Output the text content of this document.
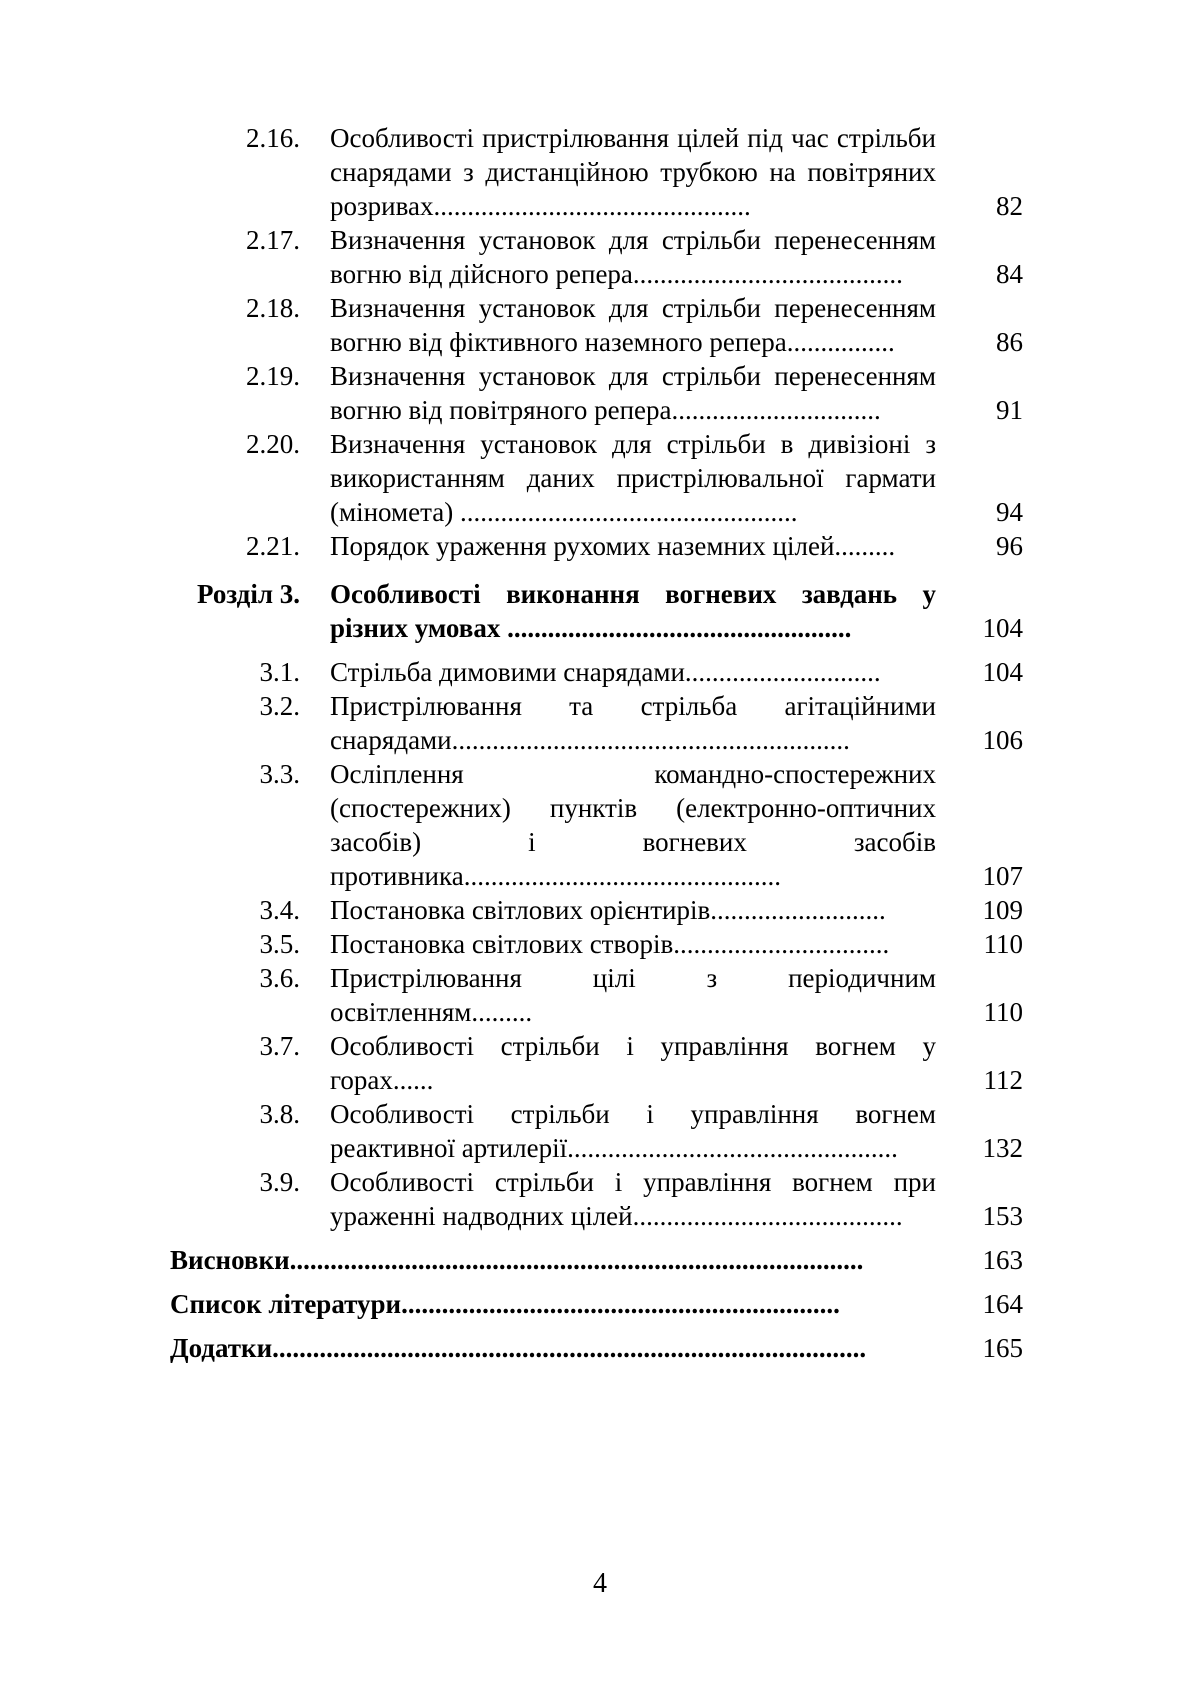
2.16. Особливості пристрілювання цілей під час стрільби снарядами з дистанційною трубкою на повітряних розривах...............................................	82
2.17. Визначення установок для стрільби перенесенням вогню від дійсного репера........................................	84
2.18. Визначення установок для стрільби перенесенням вогню від фіктивного наземного репера................	86
2.19. Визначення установок для стрільби перенесенням вогню від повітряного репера...............................	91
2.20. Визначення установок для стрільби в дивізіоні з використанням даних пристрілювальної гармати (міномета) ..................................................	94
2.21. Порядок ураження рухомих наземних цілей.........	96
Розділ 3. Особливості виконання вогневих завдань у різних умовах ...................................................	104
3.1. Стрільба димовими снарядами.............................	104
3.2. Пристрілювання та стрільба агітаційними снарядами...........................................................	106
3.3. Осліплення командно-спостережних (спостережних) пунктів (електронно-оптичних засобів) і вогневих засобів противника...............................................	107
3.4. Постановка світлових орієнтирів..........................	109
3.5. Постановка світлових створів................................	110
3.6. Пристрілювання цілі з періодичним освітленням.........	110
3.7. Особливості стрільби і управління вогнем у горах......	112
3.8. Особливості стрільби і управління вогнем реактивної артилерії.................................................	132
3.9. Особливості стрільби і управління вогнем при ураженні надводних цілей........................................	153
Висновки.....................................................................................	163
Список літератури.................................................................	164
Додатки........................................................................................	165
4
